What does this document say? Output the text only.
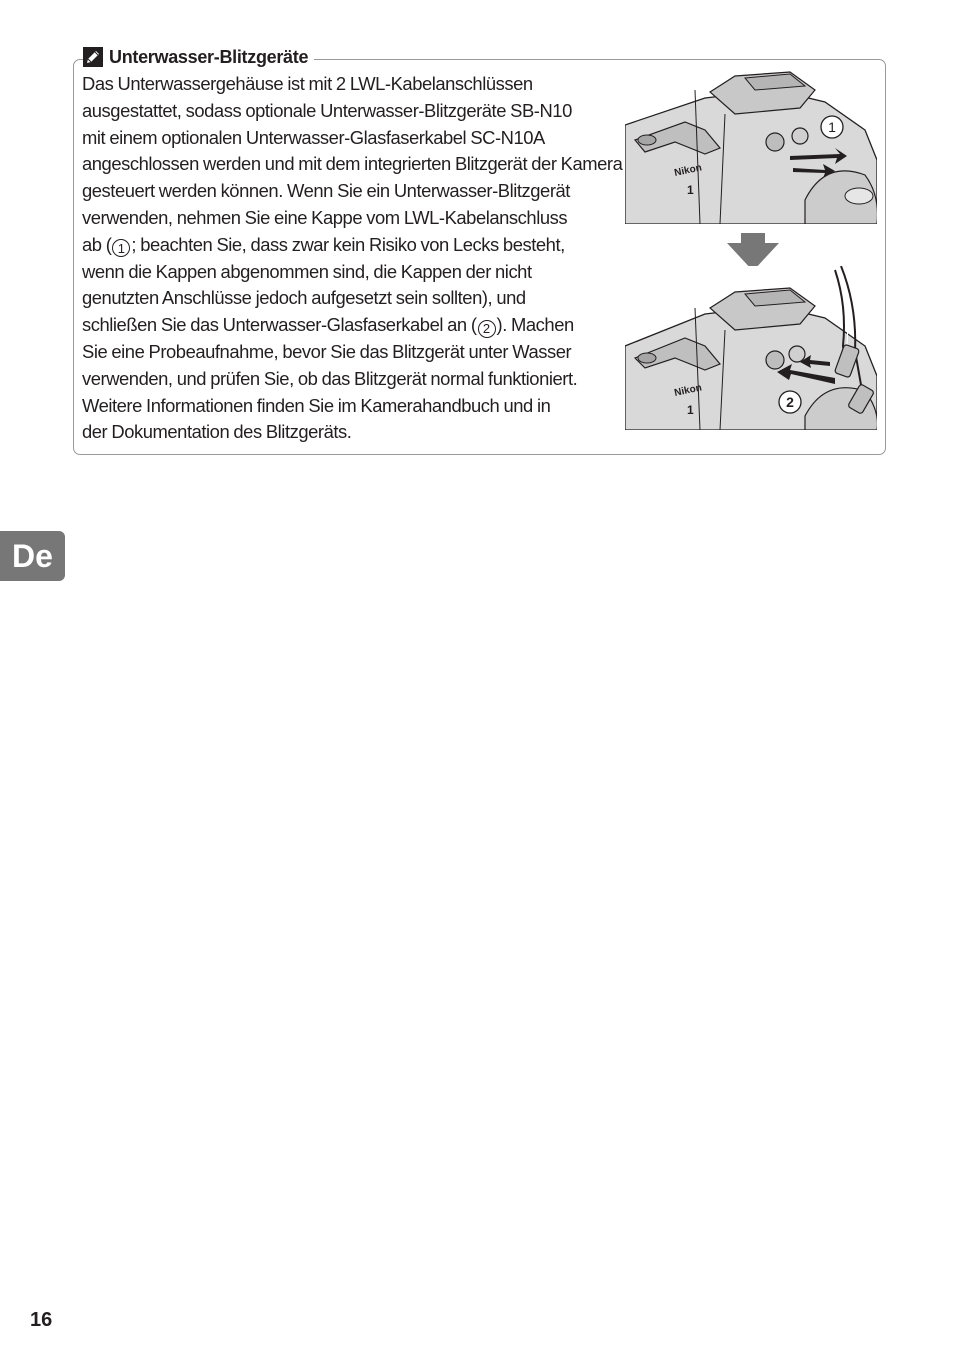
Unterwasser-Blitzgeräte

Das Unterwassergehäuse ist mit 2 LWL-Kabelanschlüssen
ausgestattet, sodass optionale Unterwasser-Blitzgeräte SB-N10
mit einem optionalen Unterwasser-Glasfaserkabel SC-N10A
angeschlossen werden und mit dem integrierten Blitzgerät der Kamera
gesteuert werden können. Wenn Sie ein Unterwasser-Blitzgerät
verwenden, nehmen Sie eine Kappe vom LWL-Kabelanschluss
ab ( 1 ; beachten Sie, dass zwar kein Risiko von Lecks besteht,
wenn die Kappen abgenommen sind, die Kappen der nicht
genutzten Anschlüsse jedoch aufgesetzt sein sollten), und
schließen Sie das Unterwasser-Glasfaserkabel an ( 2 ). Machen
Sie eine Probeaufnahme, bevor Sie das Blitzgerät unter Wasser
verwenden, und prüfen Sie, ob das Blitzgerät normal funktioniert.
Weitere Informationen finden Sie im Kamerahandbuch und in
der Dokumentation des Blitzgeräts.

Nikon
1
1
Nikon
1	2
De
16
